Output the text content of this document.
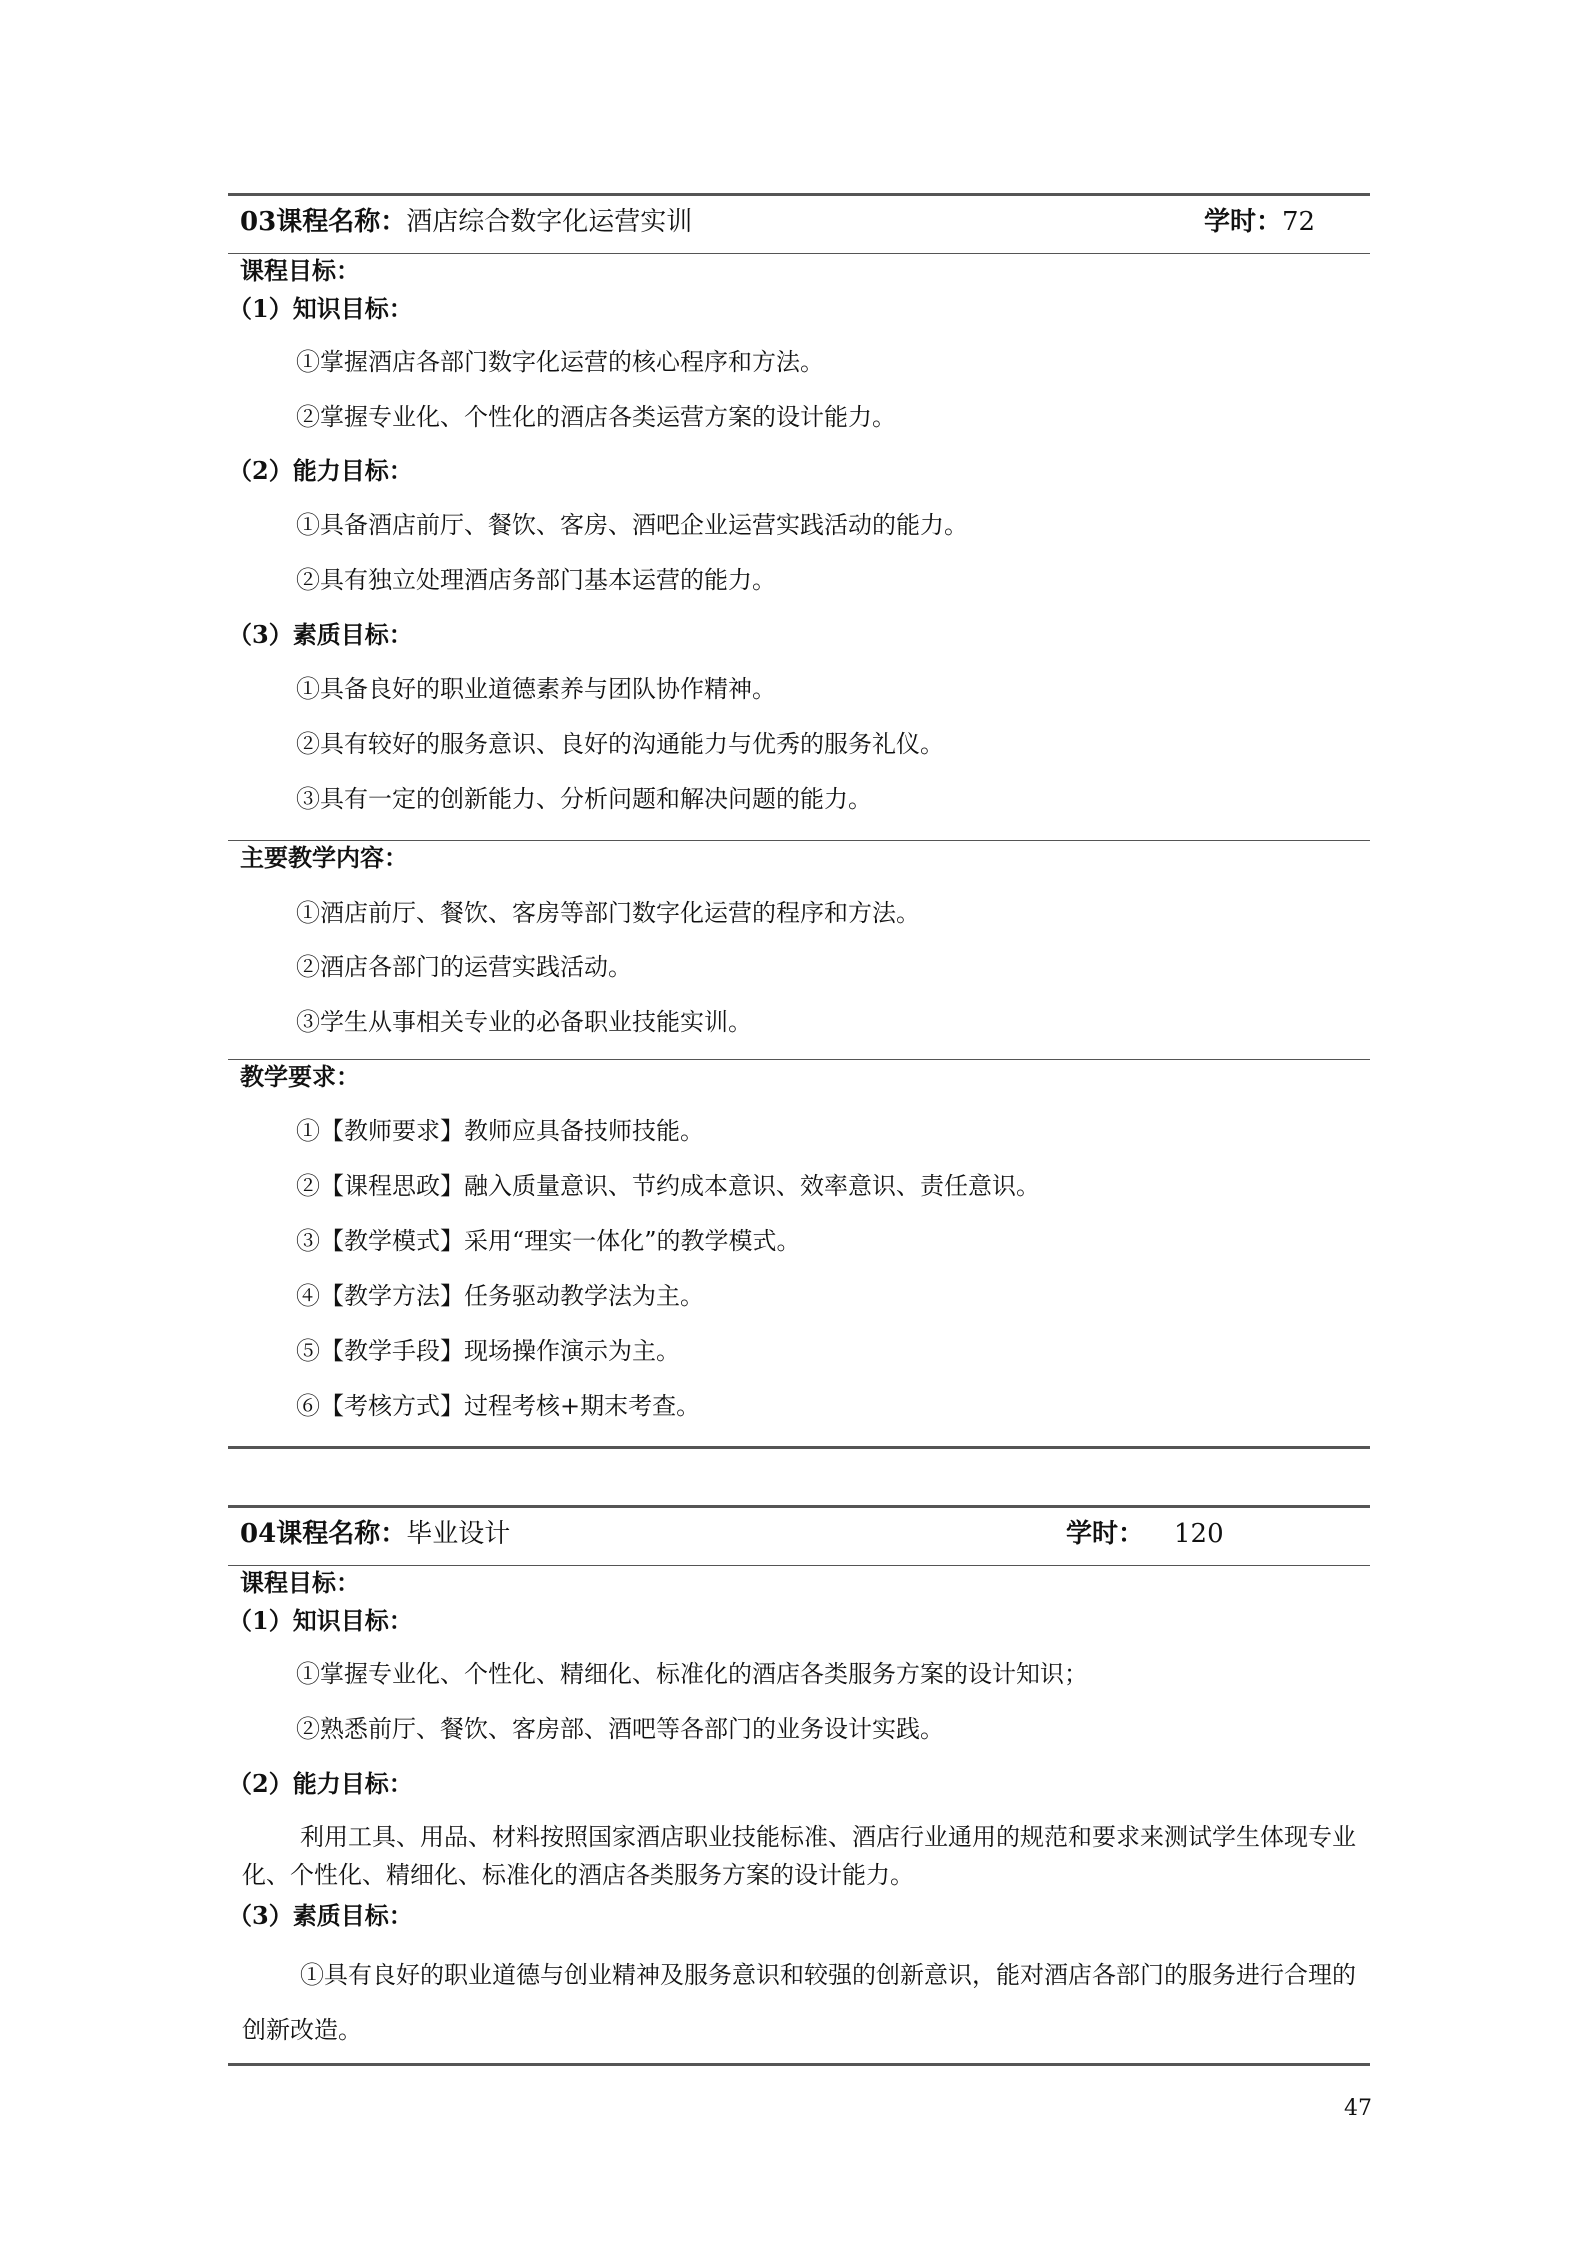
03课程名称：酒店综合数字化运营实训	学时：72
课程目标：
（1）知识目标：
①掌握酒店各部门数字化运营的核心程序和方法。
②掌握专业化、个性化的酒店各类运营方案的设计能力。
（2）能力目标：
①具备酒店前厅、餐饮、客房、酒吧企业运营实践活动的能力。
②具有独立处理酒店务部门基本运营的能力。
（3）素质目标：
①具备良好的职业道德素养与团队协作精神。
②具有较好的服务意识、良好的沟通能力与优秀的服务礼仪。
③具有一定的创新能力、分析问题和解决问题的能力。
主要教学内容：
①酒店前厅、餐饮、客房等部门数字化运营的程序和方法。
②酒店各部门的运营实践活动。
③学生从事相关专业的必备职业技能实训。
教学要求：
①【教师要求】教师应具备技师技能。
②【课程思政】融入质量意识、节约成本意识、效率意识、责任意识。
③【教学模式】采用“理实一体化”的教学模式。
④【教学方法】任务驱动教学法为主。
⑤【教学手段】现场操作演示为主。
⑥【考核方式】过程考核+期末考查。
04课程名称：毕业设计	学时： 120
课程目标：
（1）知识目标：
①掌握专业化、个性化、精细化、标准化的酒店各类服务方案的设计知识；
②熟悉前厅、餐饮、客房部、酒吧等各部门的业务设计实践。
（2）能力目标：
利用工具、用品、材料按照国家酒店职业技能标准、酒店行业通用的规范和要求来测试学生体现专业化、个性化、精细化、标准化的酒店各类服务方案的设计能力。
（3）素质目标：
①具有良好的职业道德与创业精神及服务意识和较强的创新意识，能对酒店各部门的服务进行合理的创新改造。
47
